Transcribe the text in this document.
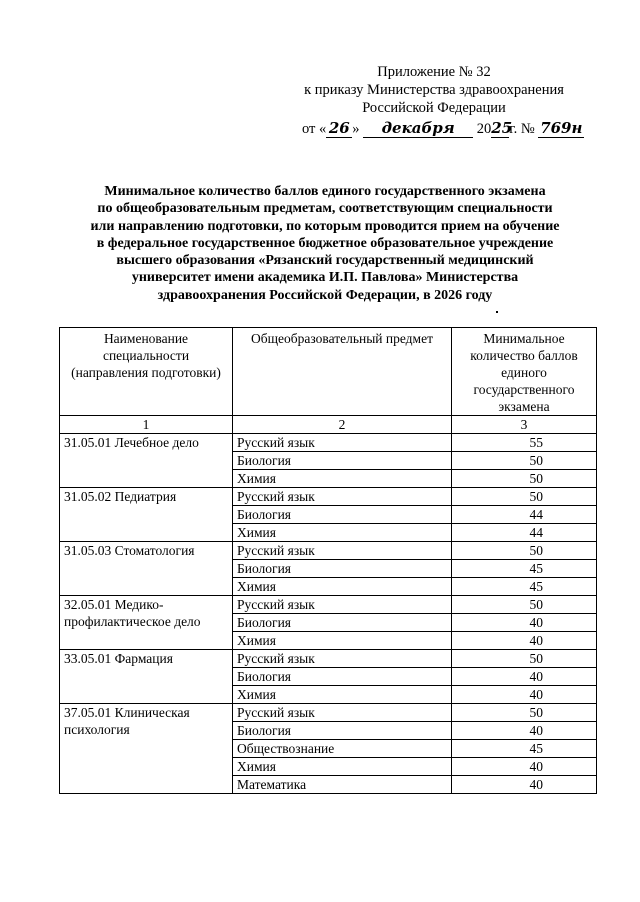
Приложение № 32
к приказу Министерства здравоохранения
Российской Федерации
от « 26 » декабря 2025г. № 769н
Минимальное количество баллов единого государственного экзамена
по общеобразовательным предметам, соответствующим специальности
или направлению подготовки, по которым проводится прием на обучение
в федеральное государственное бюджетное образовательное учреждение
высшего образования «Рязанский государственный медицинский
университет имени академика И.П. Павлова» Министерства
здравоохранения Российской Федерации, в 2026 году
Наименование специальности (направления подготовки)	Общеобразовательный предмет	Минимальное количество баллов единого государственного экзамена
1	2	3
31.05.01 Лечебное дело	Русский язык	55
	Биология	50
	Химия	50
31.05.02 Педиатрия	Русский язык	50
	Биология	44
	Химия	44
31.05.03 Стоматология	Русский язык	50
	Биология	45
	Химия	45
32.05.01 Медико-профилактическое дело	Русский язык	50
	Биология	40
	Химия	40
33.05.01 Фармация	Русский язык	50
	Биология	40
	Химия	40
37.05.01 Клиническая психология	Русский язык	50
	Биология	40
	Обществознание	45
	Химия	40
	Математика	40
